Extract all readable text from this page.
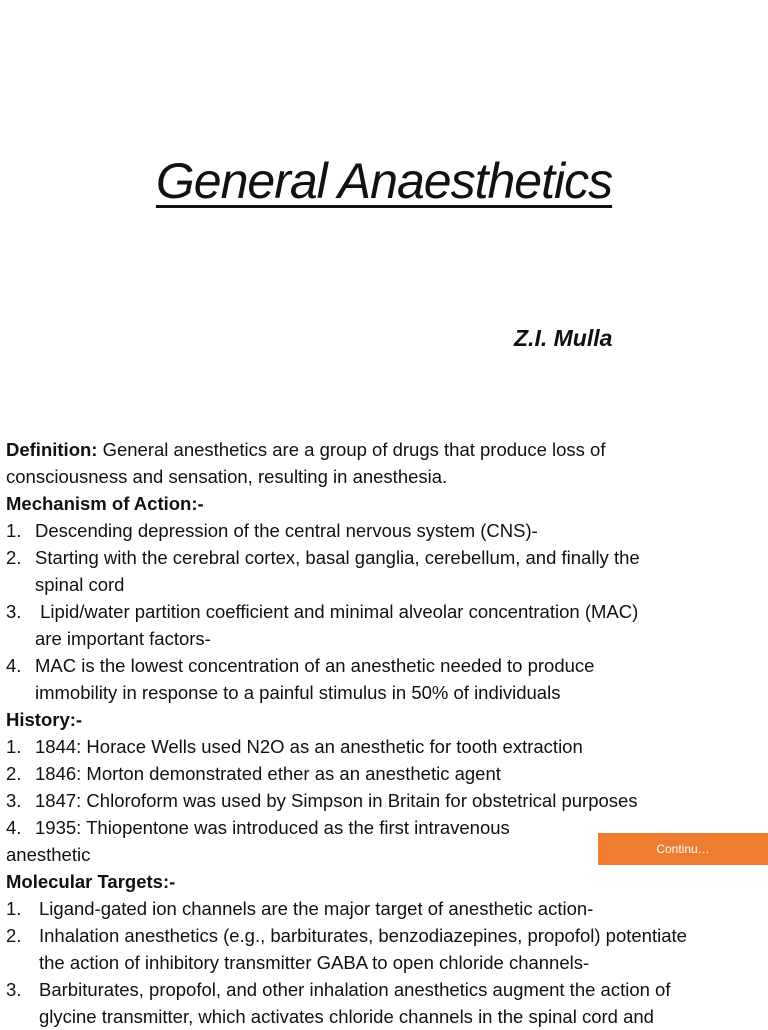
General Anaesthetics
Z.I. Mulla
Definition: General anesthetics are a group of drugs that produce loss of
consciousness and sensation, resulting in anesthesia.
Mechanism of Action:-
1. Descending depression of the central nervous system (CNS)-
2. Starting with the cerebral cortex, basal ganglia, cerebellum, and finally the
spinal cord
3. Lipid/water partition coefficient and minimal alveolar concentration (MAC)
are important factors-
4. MAC is the lowest concentration of an anesthetic needed to produce
immobility in response to a painful stimulus in 50% of individuals
History:-
1. 1844: Horace Wells used N2O as an anesthetic for tooth extraction
2. 1846: Morton demonstrated ether as an anesthetic agent
3. 1847: Chloroform was used by Simpson in Britain for obstetrical purposes
4. 1935: Thiopentone was introduced as the first intravenous
anesthetic
Molecular Targets:-
1. Ligand-gated ion channels are the major target of anesthetic action-
2. Inhalation anesthetics (e.g., barbiturates, benzodiazepines, propofol) potentiate
the action of inhibitory transmitter GABA to open chloride channels-
3. Barbiturates, propofol, and other inhalation anesthetics augment the action of
glycine transmitter, which activates chloride channels in the spinal cord and
Continu…
